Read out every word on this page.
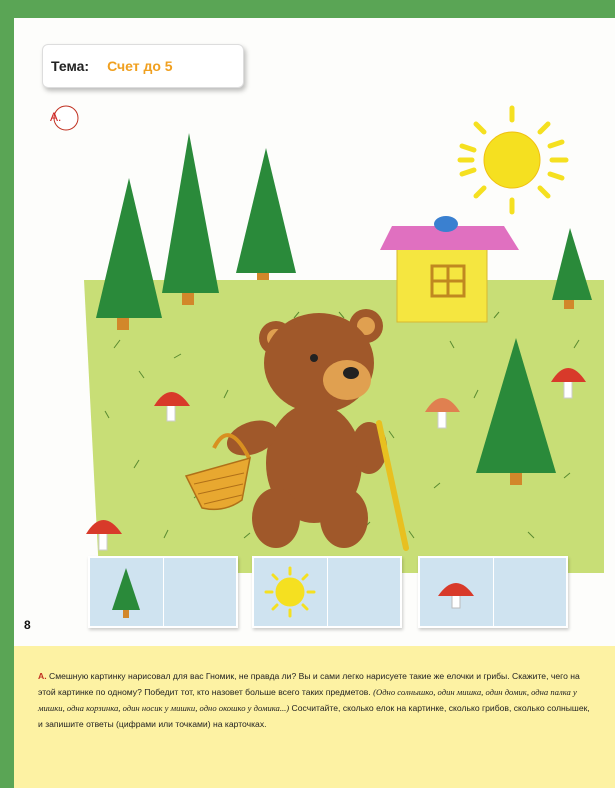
Тема: Счет до 5
А.
8

А. Смешную картинку нарисовал для вас Гномик, не правда ли? Вы и сами легко нарисуете такие же елочки и грибы. Скажите, чего на этой картинке по одному? Победит тот, кто назовет больше всего таких предметов. (Одно солнышко, один мишка, один домик, одна палка у мишки, одна корзинка, один носик у мишки, одно окошко у домика...) Сосчитайте, сколько елок на картинке, сколько грибов, сколько солнышек, и запишите ответы (цифрами или точками) на карточках.
